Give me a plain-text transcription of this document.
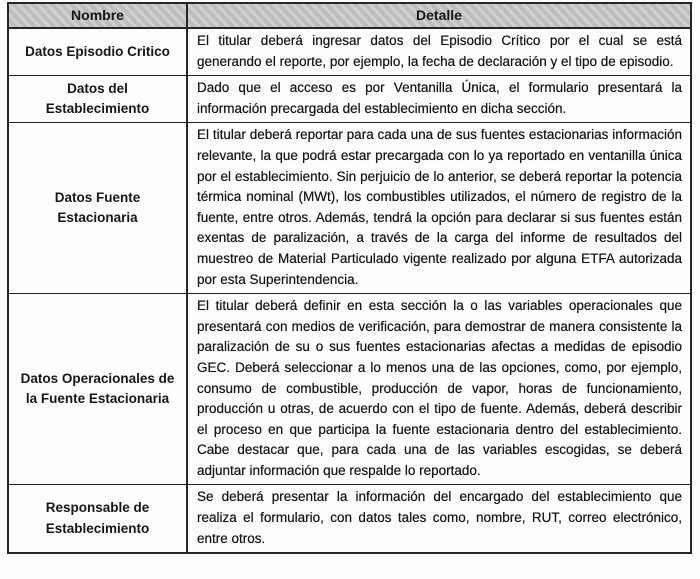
Nombre	Detalle
Datos Episodio Critico	El titular deberá ingresar datos del Episodio Crítico por el cual se está generando el reporte, por ejemplo, la fecha de declaración y el tipo de episodio.
Datos del Establecimiento	Dado que el acceso es por Ventanilla Única, el formulario presentará la información precargada del establecimiento en dicha sección.
Datos Fuente Estacionaria	El titular deberá reportar para cada una de sus fuentes estacionarias información relevante, la que podrá estar precargada con lo ya reportado en ventanilla única por el establecimiento. Sin perjuicio de lo anterior, se deberá reportar la potencia térmica nominal (MWt), los combustibles utilizados, el número de registro de la fuente, entre otros. Además, tendrá la opción para declarar si sus fuentes están exentas de paralización, a través de la carga del informe de resultados del muestreo de Material Particulado vigente realizado por alguna ETFA autorizada por esta Superintendencia.
Datos Operacionales de la Fuente Estacionaria	El titular deberá definir en esta sección la o las variables operacionales que presentará con medios de verificación, para demostrar de manera consistente la paralización de su o sus fuentes estacionarias afectas a medidas de episodio GEC. Deberá seleccionar a lo menos una de las opciones, como, por ejemplo, consumo de combustible, producción de vapor, horas de funcionamiento, producción u otras, de acuerdo con el tipo de fuente. Además, deberá describir el proceso en que participa la fuente estacionaria dentro del establecimiento. Cabe destacar que, para cada una de las variables escogidas, se deberá adjuntar información que respalde lo reportado.
Responsable de Establecimiento	Se deberá presentar la información del encargado del establecimiento que realiza el formulario, con datos tales como, nombre, RUT, correo electrónico, entre otros.
